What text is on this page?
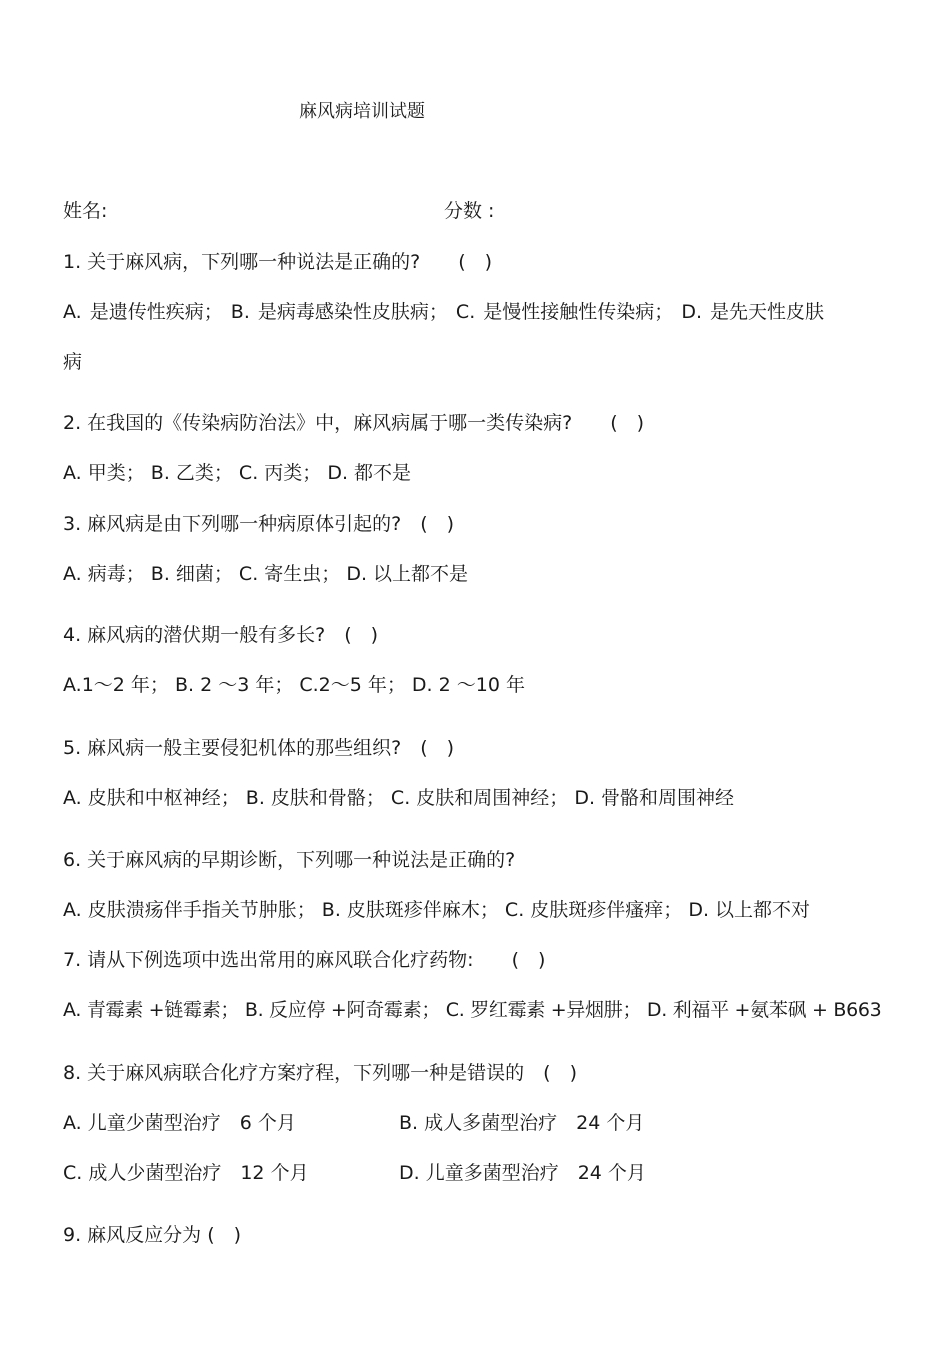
麻风病培训试题
姓名:	分数 :
1. 关于麻风病，下列哪一种说法是正确的?　　(　)
A. 是遗传性疾病； B. 是病毒感染性皮肤病； C. 是慢性接触性传染病； D. 是先天性皮肤
病
2. 在我国的《传染病防治法》中，麻风病属于哪一类传染病?　　(　)
A. 甲类； B. 乙类； C. 丙类； D. 都不是
3. 麻风病是由下列哪一种病原体引起的?　(　)
A. 病毒； B. 细菌； C. 寄生虫； D. 以上都不是
4. 麻风病的潜伏期一般有多长?　(　)
A.1～2 年； B. 2 ～3 年； C.2～5 年； D. 2 ～10 年
5. 麻风病一般主要侵犯机体的那些组织?　(　)
A. 皮肤和中枢神经； B. 皮肤和骨骼； C. 皮肤和周围神经； D. 骨骼和周围神经
6. 关于麻风病的早期诊断，下列哪一种说法是正确的?
A. 皮肤溃疡伴手指关节肿胀； B. 皮肤斑疹伴麻木； C. 皮肤斑疹伴瘙痒； D. 以上都不对
7. 请从下例选项中选出常用的麻风联合化疗药物:　　(　)
A. 青霉素 +链霉素； B. 反应停 +阿奇霉素； C. 罗红霉素 +异烟肼； D. 利福平 +氨苯砜 + B663
8. 关于麻风病联合化疗方案疗程，下列哪一种是错误的　(　)
A. 儿童少菌型治疗　6 个月	B. 成人多菌型治疗　24 个月
C. 成人少菌型治疗　12 个月	D. 儿童多菌型治疗　24 个月
9. 麻风反应分为 (　)
